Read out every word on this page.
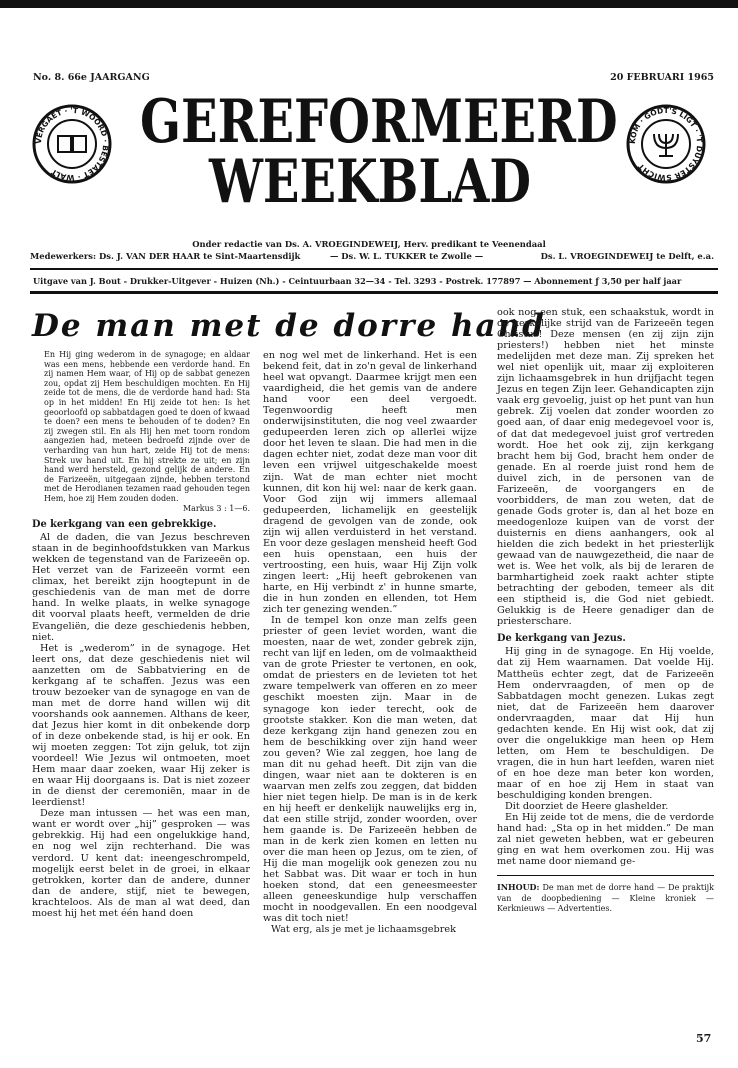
No. 8. 66e JAARGANG	20 FEBRUARI 1965
VERGAET · 'T WOORD · BESTAET · WALT
KOM · GODT'S LIGT · 'T DUYSTER SWICHT
GEREFORMEERD
WEEKBLAD
Onder redactie van Ds. A. VROEGINDEWEIJ, Herv. predikant te Veenendaal
Medewerkers: Ds. J. VAN DER HAAR te Sint-Maartensdijk	— Ds. W. L. TUKKER te Zwolle —	Ds. L. VROEGINDEWEIJ te Delft, e.a.
Uitgave van J. Bout - Drukker-Uitgever - Huizen (Nh.) - Ceintuurbaan 32—34 - Tel. 3293 - Postrek. 177897 — Abonnement ƒ 3,50 per half jaar
De man met de dorre hand

En Hij ging wederom in de synagoge; en aldaar was een mens, hebbende een verdorde hand. En zij namen Hem waar, of Hij op de sabbat genezen zou, opdat zij Hem beschuldigen mochten. En Hij zeide tot de mens, die de verdorde hand had: Sta op in het midden! En Hij zeide tot hen: Is het geoorloofd op sabbatdagen goed te doen of kwaad te doen? een mens te behouden of te doden? En zij zwegen stil. En als Hij hen met toorn rondom aangezien had, meteen bedroefd zijnde over de verharding van hun hart, zeide Hij tot de mens: Strek uw hand uit. En hij strekte ze uit; en zijn hand werd hersteld, gezond gelijk de andere. En de Farizeeën, uitgegaan zijnde, hebben terstond met de Herodianen tezamen raad gehouden tegen Hem, hoe zij Hem zouden doden.
Markus 3 : 1—6.

De kerkgang van een gebrekkige.

Al de daden, die van Jezus beschreven staan in de beginhoofdstukken van Markus wekken de tegenstand van de Farizeeën op. Het verzet van de Farizeeën vormt een climax, het bereikt zijn hoogtepunt in de geschiedenis van de man met de dorre hand. In welke plaats, in welke synagoge dit voorval plaats heeft, vermelden de drie Evangeliën, die deze geschiedenis hebben, niet.

Het is „wederom” in de synagoge. Het leert ons, dat deze geschiedenis niet wil aanzetten om de Sabbatviering en de kerkgang af te schaffen. Jezus was een trouw bezoeker van de synagoge en van de man met de dorre hand willen wij dit voorshands ook aannemen. Althans de keer, dat Jezus hier komt in dit onbekende dorp of in deze onbekende stad, is hij er ook. En wij moeten zeggen: Tot zijn geluk, tot zijn voordeel! Wie Jezus wil ontmoeten, moet Hem maar daar zoeken, waar Hij zeker is en waar Hij doorgaans is. Dat is niet zozeer in de dienst der ceremoniën, maar in de leerdienst!

Deze man intussen — het was een man, want er wordt over „hij” gesproken — was gebrekkig. Hij had een ongelukkige hand, en nog wel zijn rechterhand. Die was verdord. U kent dat: ineengeschrompeld, mogelijk eerst belet in de groei, in elkaar getrokken, korter dan de andere, dunner dan de andere, stijf, niet te bewegen, krachteloos. Als de man al wat deed, dan moest hij het met één hand doen

en nog wel met de linkerhand. Het is een bekend feit, dat in zo'n geval de linkerhand heel wat opvangt. Daarmee krijgt men een vaardigheid, die het gemis van de andere hand voor een deel vergoedt. Tegenwoordig heeft men onderwijsinstituten, die nog veel zwaarder gedupeerden leren zich op allerlei wijze door het leven te slaan. Die had men in die dagen echter niet, zodat deze man voor dit leven een vrijwel uitgeschakelde moest zijn. Wat de man echter niet mocht kunnen, dit kon hij wel: naar de kerk gaan. Voor God zijn wij immers allemaal gedupeerden, lichamelijk en geestelijk dragend de gevolgen van de zonde, ook zijn wij allen verduisterd in het verstand. En voor deze geslagen mensheid heeft God een huis openstaan, een huis der vertroosting, een huis, waar Hij Zijn volk zingen leert: „Hij heeft gebrokenen van harte, en Hij verbindt z' in hunne smarte, die in hun zonden en ellenden, tot Hem zich ter genezing wenden.”

In de tempel kon onze man zelfs geen priester of geen leviet worden, want die moesten, naar de wet, zonder gebrek zijn, recht van lijf en leden, om de volmaaktheid van de grote Priester te vertonen, en ook, omdat de priesters en de levieten tot het zware tempelwerk van offeren en zo meer geschikt moesten zijn. Maar in de synagoge kon ieder terecht, ook de grootste stakker. Kon die man weten, dat deze kerkgang zijn hand genezen zou en hem de beschikking over zijn hand weer zou geven? Wie zal zeggen, hoe lang de man dit nu gehad heeft. Dit zijn van die dingen, waar niet aan te dokteren is en waarvan men zelfs zou zeggen, dat bidden hier niet tegen hielp. De man is in de kerk en hij heeft er denkelijk nauwelijks erg in, dat een stille strijd, zonder woorden, over hem gaande is. De Farizeeën hebben de man in de kerk zien komen en letten nu over die man heen op Jezus, om te zien, of Hij die man mogelijk ook genezen zou nu het Sabbat was. Dit waar er toch in hun hoeken stond, dat een geneesmeester alleen geneeskundige hulp verschaffen mocht in noodgevallen. En een noodgeval was dit toch niet!

Wat erg, als je met je lichaamsgebrek

ook nog een stuk, een schaakstuk, wordt in de kerkelijke strijd van de Farizeeën tegen Christus! Deze mensen (en zij zijn zijn priesters!) hebben niet het minste medelijden met deze man. Zij spreken het wel niet openlijk uit, maar zij exploiteren zijn lichaamsgebrek in hun drijfjacht tegen Jezus en tegen Zijn leer. Gehandicapten zijn vaak erg gevoelig, juist op het punt van hun gebrek. Zij voelen dat zonder woorden zo goed aan, of daar enig medegevoel voor is, of dat dat medegevoel juist grof vertreden wordt. Hoe het ook zij, zijn kerkgang bracht hem bij God, bracht hem onder de genade. En al roerde juist rond hem de duivel zich, in de personen van de Farizeeën, de voorgangers en de voorbidders, de man zou weten, dat de genade Gods groter is, dan al het boze en meedogenloze kuipen van de vorst der duisternis en diens aanhangers, ook al hielden die zich bedekt in het priesterlijk gewaad van de nauwgezetheid, die naar de wet is. Wee het volk, als bij de leraren de barmhartigheid zoek raakt achter stipte betrachting der geboden, temeer als dit een stiptheid is, die God niet gebiedt. Gelukkig is de Heere genadiger dan de priesterschare.

De kerkgang van Jezus.

Hij ging in de synagoge. En Hij voelde, dat zij Hem waarnamen. Dat voelde Hij. Mattheüs echter zegt, dat de Farizeeën Hem ondervraagden, of men op de Sabbatdagen mocht genezen. Lukas zegt niet, dat de Farizeeën hem daarover ondervraagden, maar dat Hij hun gedachten kende. En Hij wist ook, dat zij over die ongelukkige man heen op Hem letten, om Hem te beschuldigen. De vragen, die in hun hart leefden, waren niet of en hoe deze man beter kon worden, maar of en hoe zij Hem in staat van beschuldiging konden brengen.

Dit doorziet de Heere glashelder.

En Hij zeide tot de mens, die de verdorde hand had: „Sta op in het midden.” De man zal niet geweten hebben, wat er gebeuren ging en wat hem overkomen zou. Hij was met name door niemand ge-

INHOUD: De man met de dorre hand — De praktijk van de doopbediening — Kleine kroniek — Kerknieuws — Advertenties.

57
